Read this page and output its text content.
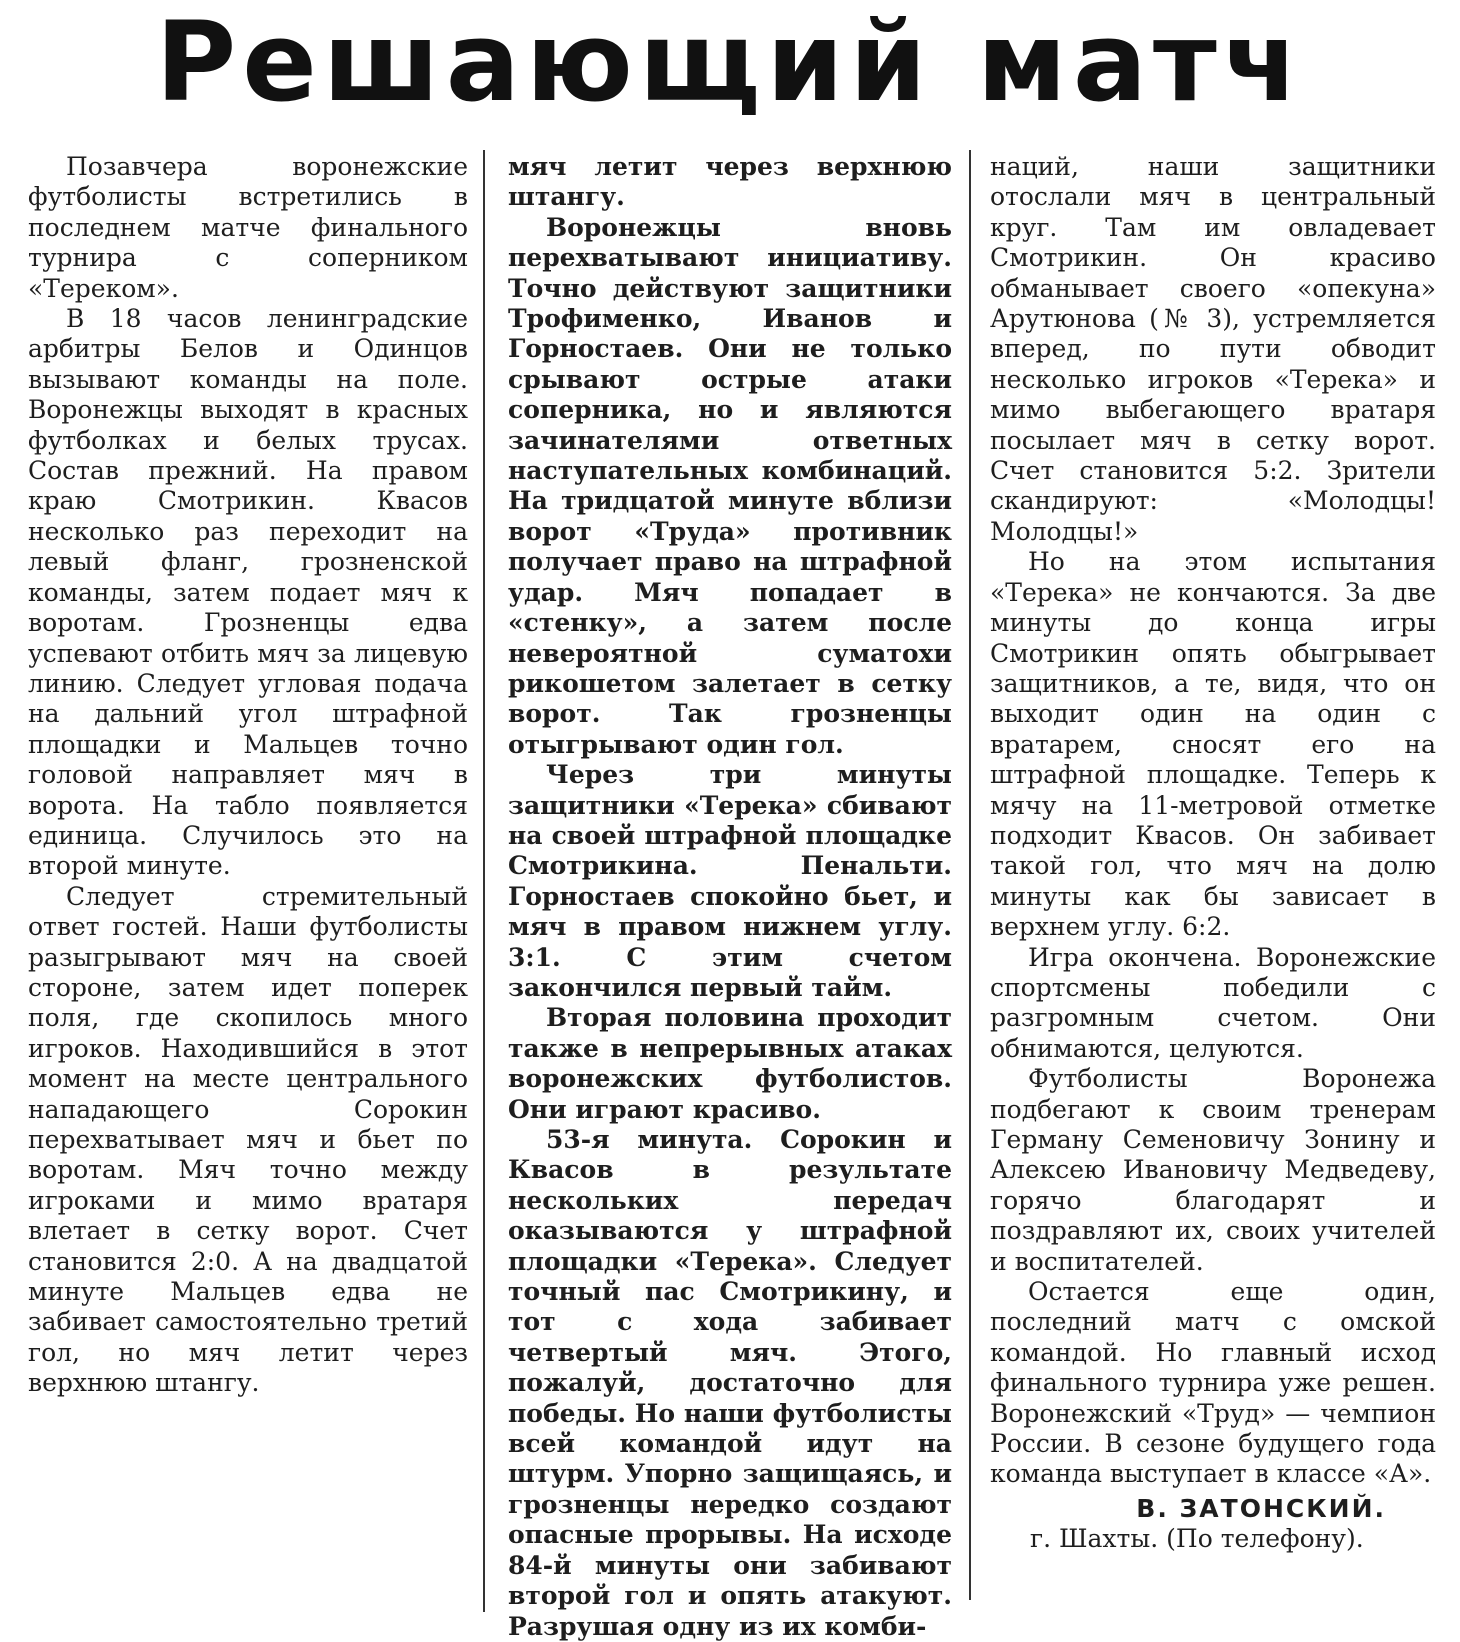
Решающий матч

Позавчера воронежские футболисты встретились в последнем матче финального турнира с соперником «Тереком».

В 18 часов ленинградские арбитры Белов и Одинцов вызывают команды на поле. Воронежцы выходят в красных футболках и белых трусах. Состав прежний. На правом краю Смотрикин. Квасов несколько раз переходит на левый фланг, грозненской команды, затем подает мяч к воротам. Грозненцы едва успевают отбить мяч за лицевую линию. Следует угловая подача на дальний угол штрафной площадки и Мальцев точно головой направляет мяч в ворота. На табло появляется единица. Случилось это на второй минуте.

Следует стремительный ответ гостей. Наши футболисты разыгрывают мяч на своей стороне, затем идет поперек поля, где скопилось много игроков. Находившийся в этот момент на месте центрального нападающего Сорокин перехватывает мяч и бьет по воротам. Мяч точно между игроками и мимо вратаря влетает в сетку ворот. Счет становится 2:0. А на двадцатой минуте Мальцев едва не забивает самостоятельно третий гол, но мяч летит через верхнюю штангу.

мяч летит через верхнюю штангу.

Воронежцы вновь перехватывают инициативу. Точно действуют защитники Трофименко, Иванов и Горностаев. Они не только срывают острые атаки соперника, но и являются зачинателями ответных наступательных комбинаций. На тридцатой минуте вблизи ворот «Труда» противник получает право на штрафной удар. Мяч попадает в «стенку», а затем после невероятной суматохи рикошетом залетает в сетку ворот. Так грозненцы отыгрывают один гол.

Через три минуты защитники «Терека» сбивают на своей штрафной площадке Смотрикина. Пенальти. Горностаев спокойно бьет, и мяч в правом нижнем углу. 3:1. С этим счетом закончился первый тайм.

Вторая половина проходит также в непрерывных атаках воронежских футболистов. Они играют красиво.

53-я минута. Сорокин и Квасов в результате нескольких передач оказываются у штрафной площадки «Терека». Следует точный пас Смотрикину, и тот с хода забивает четвертый мяч. Этого, пожалуй, достаточно для победы. Но наши футболисты всей командой идут на штурм. Упорно защищаясь, и грозненцы нередко создают опасные прорывы. На исходе 84-й минуты они забивают второй гол и опять атакуют. Разрушая одну из их комби-

наций, наши защитники отослали мяч в центральный круг. Там им овладевает Смотрикин. Он красиво обманывает своего «опекуна» Арутюнова (№ 3), устремляется вперед, по пути обводит несколько игроков «Терека» и мимо выбегающего вратаря посылает мяч в сетку ворот. Счет становится 5:2. Зрители скандируют: «Молодцы! Молодцы!»

Но на этом испытания «Терека» не кончаются. За две минуты до конца игры Смотрикин опять обыгрывает защитников, а те, видя, что он выходит один на один с вратарем, сносят его на штрафной площадке. Теперь к мячу на 11-метровой отметке подходит Квасов. Он забивает такой гол, что мяч на долю минуты как бы зависает в верхнем углу. 6:2.

Игра окончена. Воронежские спортсмены победили с разгромным счетом. Они обнимаются, целуются.

Футболисты Воронежа подбегают к своим тренерам Герману Семеновичу Зонину и Алексею Ивановичу Медведеву, горячо благодарят и поздравляют их, своих учителей и воспитателей.

Остается еще один, последний матч с омской командой. Но главный исход финального турнира уже решен. Воронежский «Труд» — чемпион России. В сезоне будущего года команда выступает в классе «А».

В. ЗАТОНСКИЙ.

г. Шахты. (По телефону).
